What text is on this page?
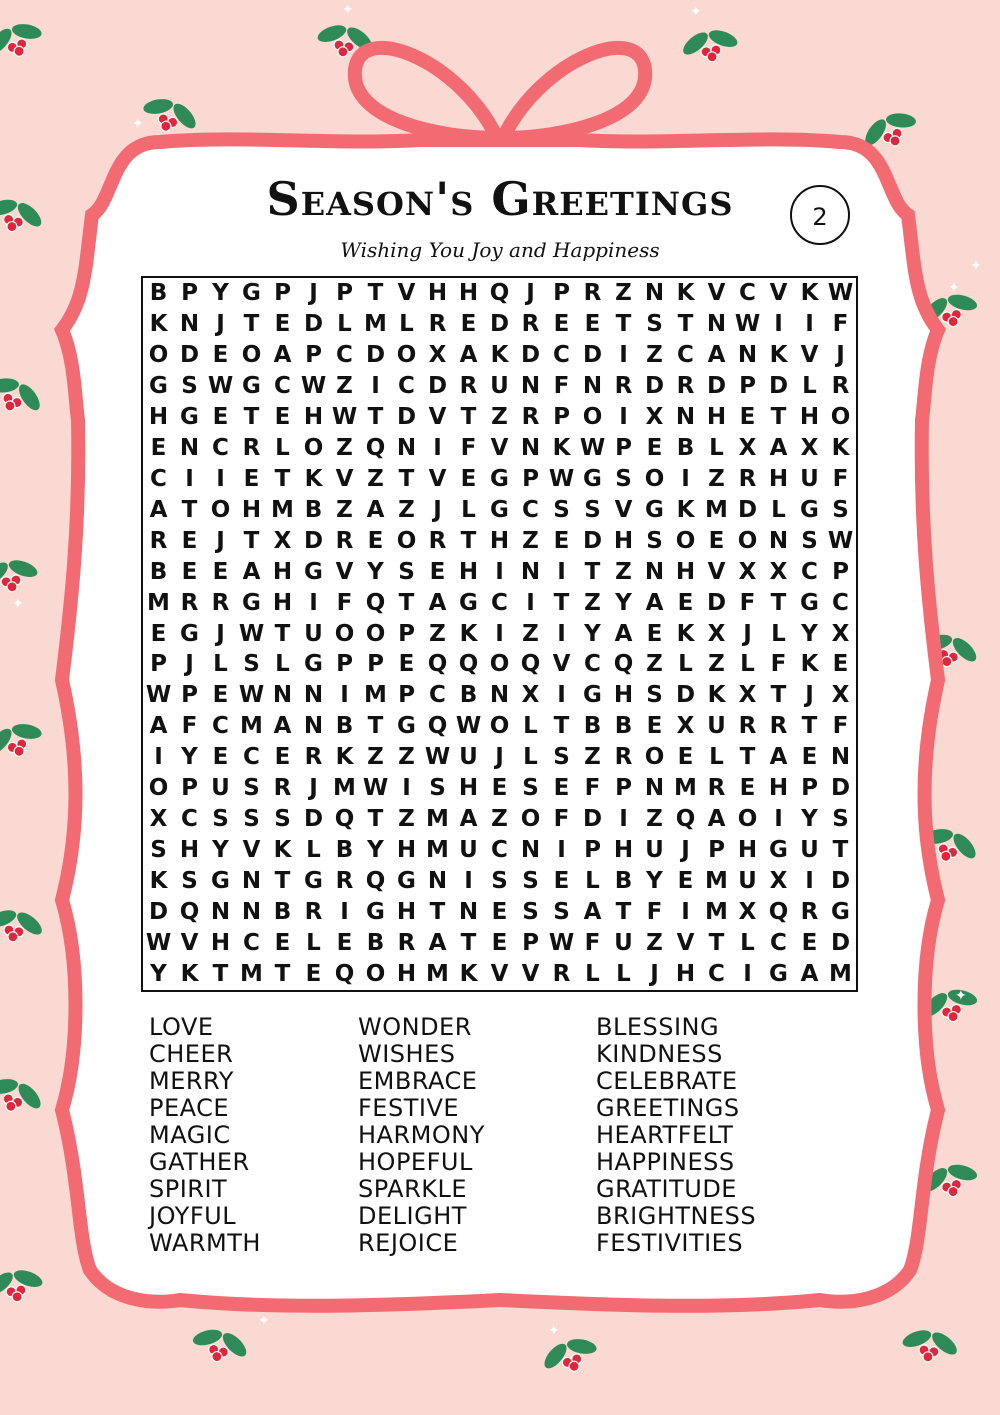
✦	✦
✦
✦
✦
✦
✦
✦
✦
Season's Greetings	2
Wishing You Joy and Happiness
B P Y G P J P T V H H Q J P R Z N K V C V K W
K N J T E D L M L R E D R E E T S T N W I I F
O D E O A P C D O X A K D C D I Z C A N K V J
G S W G C W Z I C D R U N F N R D R D P D L R
H G E T E H W T D V T Z R P O I X N H E T H O
E N C R L O Z Q N I F V N K W P E B L X A X K
C I I E T K V Z T V E G P W G S O I Z R H U F
A T O H M B Z A Z J L G C S S V G K M D L G S
R E J T X D R E O R T H Z E D H S O E O N S W
B E E A H G V Y S E H I N I T Z N H V X X C P
M R R G H I F Q T A G C I T Z Y A E D F T G C
E G J W T U O O P Z K I Z I Y A E K X J L Y X
P J L S L G P P E Q Q O Q V C Q Z L Z L F K E
W P E W N N I M P C B N X I G H S D K X T J X
A F C M A N B T G Q W O L T B B E X U R R T F
I Y E C E R K Z Z W U J L S Z R O E L T A E N
O P U S R J M W I S H E S E F P N M R E H P D
X C S S S D Q T Z M A Z O F D I Z Q A O I Y S
S H Y V K L B Y H M U C N I P H U J P H G U T
K S G N T G R Q G N I S S E L B Y E M U X I D
D Q N N B R I G H T N E S S A T F I M X Q R G
W V H C E L E B R A T E P W F U Z V T L C E D
Y K T M T E Q O H M K V V R L L J H C I G A M
LOVE
CHEER
MERRY
PEACE
MAGIC
GATHER
SPIRIT
JOYFUL
WARMTH
WONDER
WISHES
EMBRACE
FESTIVE
HARMONY
HOPEFUL
SPARKLE
DELIGHT
REJOICE
BLESSING
KINDNESS
CELEBRATE
GREETINGS
HEARTFELT
HAPPINESS
GRATITUDE
BRIGHTNESS
FESTIVITIES
